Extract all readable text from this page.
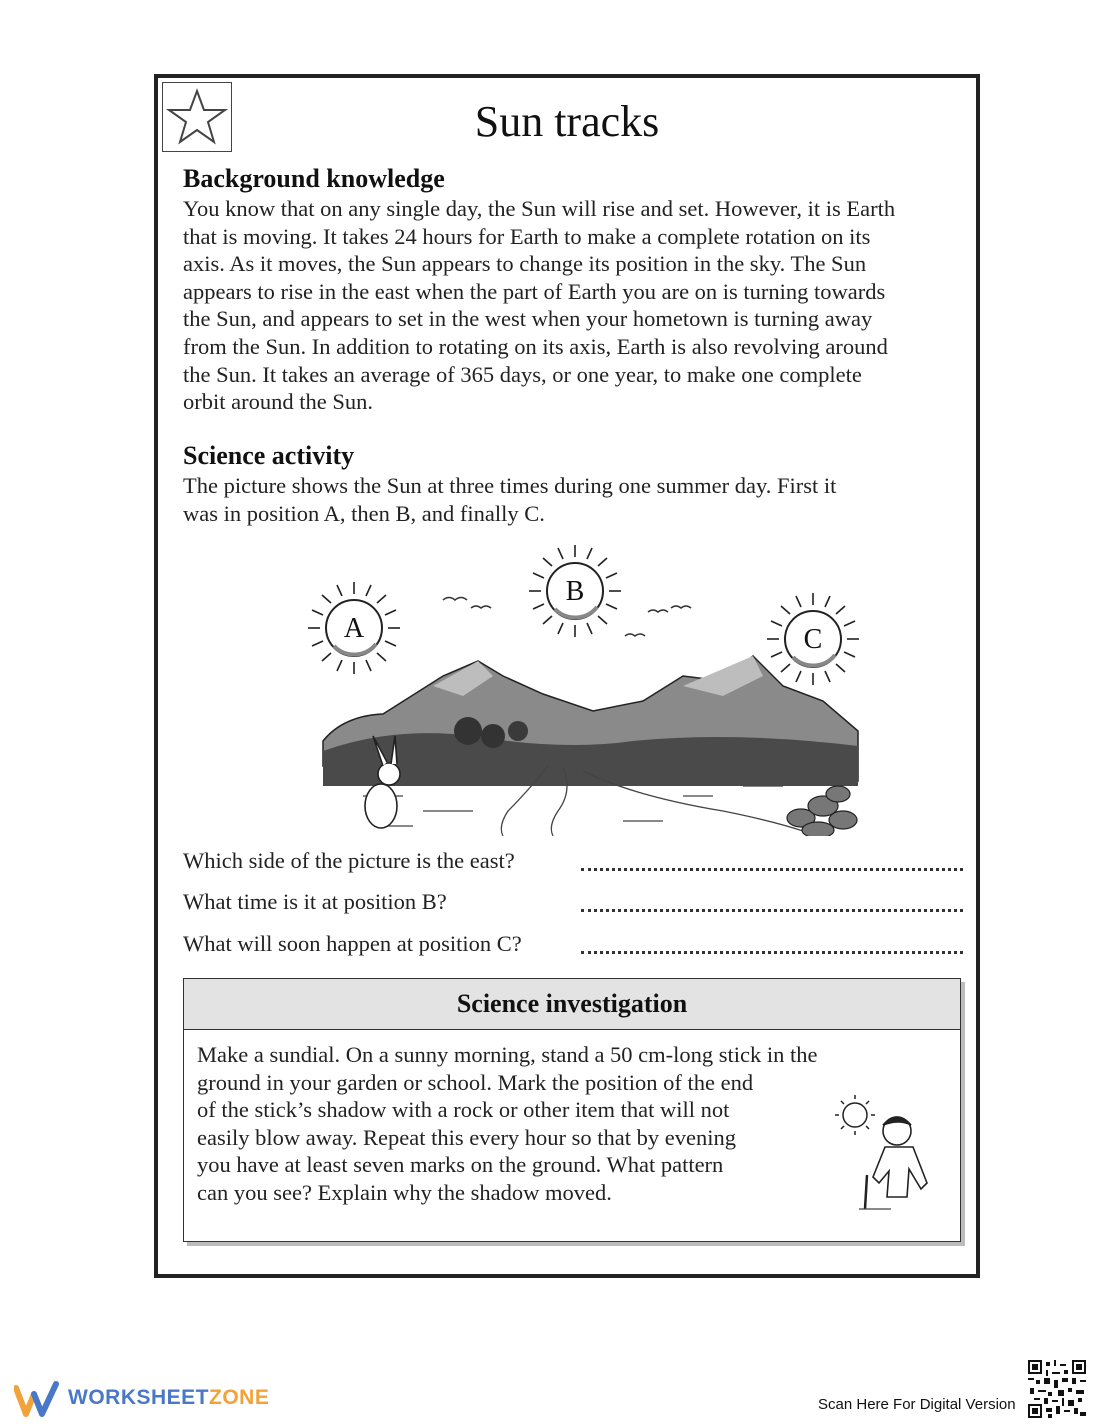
Sun tracks
Background knowledge
You know that on any single day, the Sun will rise and set. However, it is Earth
that is moving. It takes 24 hours for Earth to make a complete rotation on its
axis. As it moves, the Sun appears to change its position in the sky. The Sun
appears to rise in the east when the part of Earth you are on is turning towards
the Sun, and appears to set in the west when your hometown is turning away
from the Sun. In addition to rotating on its axis, Earth is also revolving around
the Sun. It takes an average of 365 days, or one year, to make one complete
orbit around the Sun.
Science activity
The picture shows the Sun at three times during one summer day. First it
was in position A, then B, and finally C.
A
B
C
Which side of the picture is the east?
What time is it at position B?
What will soon happen at position C?
Science investigation
Make a sundial. On a sunny morning, stand a 50 cm-long stick in the
ground in your garden or school. Mark the position of the end
of the stick’s shadow with a rock or other item that will not
easily blow away. Repeat this every hour so that by evening
you have at least seven marks on the ground. What pattern
can you see? Explain why the shadow moved.
WORKSHEETZONE	Scan Here For Digital Version
